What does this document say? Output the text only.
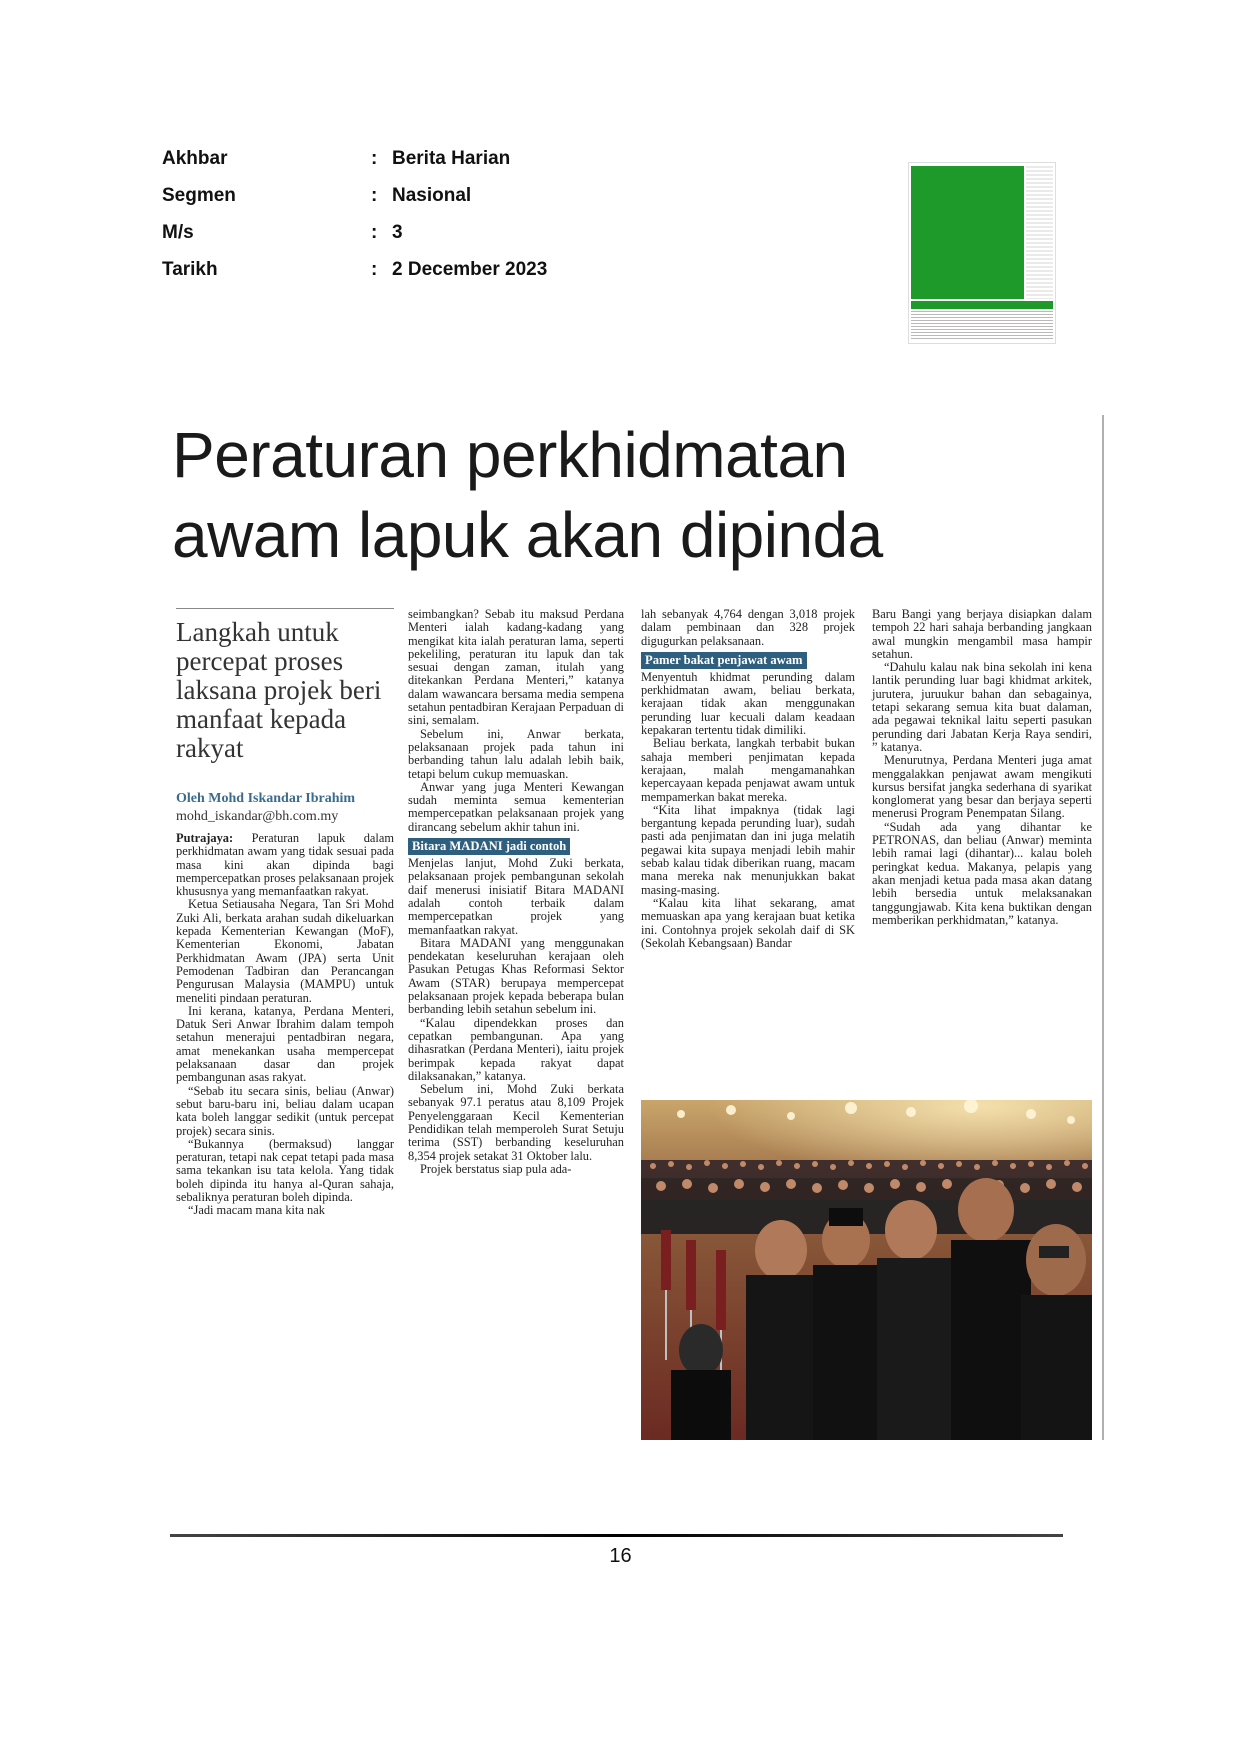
Akhbar	: Berita Harian
Segmen	: Nasional
M/s	: 3
Tarikh	: 2 December 2023
Peraturan perkhidmatan
awam lapuk akan dipinda
Langkah untuk percepat proses laksana projek beri manfaat kepada rakyat
Oleh Mohd Iskandar Ibrahim
mohd_iskandar@bh.com.my

Putrajaya: Peraturan lapuk dalam perkhidmatan awam yang tidak sesuai pada masa kini akan dipinda bagi mempercepatkan proses pelaksanaan projek khususnya yang memanfaatkan rakyat.

Ketua Setiausaha Negara, Tan Sri Mohd Zuki Ali, berkata arahan sudah dikeluarkan kepada Kementerian Kewangan (MoF), Kementerian Ekonomi, Jabatan Perkhidmatan Awam (JPA) serta Unit Pemodenan Tadbiran dan Perancangan Pengurusan Malaysia (MAMPU) untuk meneliti pindaan peraturan.

Ini kerana, katanya, Perdana Menteri, Datuk Seri Anwar Ibrahim dalam tempoh setahun menerajui pentadbiran negara, amat menekankan usaha mempercepat pelaksanaan dasar dan projek pembangunan asas rakyat.

“Sebab itu secara sinis, beliau (Anwar) sebut baru-baru ini, beliau dalam ucapan kata boleh langgar sedikit (untuk percepat projek) secara sinis.

“Bukannya (bermaksud) langgar peraturan, tetapi nak cepat tetapi pada masa sama tekankan isu tata kelola. Yang tidak boleh dipinda itu hanya al-Quran sahaja, sebaliknya peraturan boleh dipinda.

“Jadi macam mana kita nak

seimbangkan? Sebab itu maksud Perdana Menteri ialah kadang-kadang yang mengikat kita ialah peraturan lama, seperti pekeliling, peraturan itu lapuk dan tak sesuai dengan zaman, itulah yang ditekankan Perdana Menteri,” katanya dalam wawancara bersama media sempena setahun pentadbiran Kerajaan Perpaduan di sini, semalam.

Sebelum ini, Anwar berkata, pelaksanaan projek pada tahun ini berbanding tahun lalu adalah lebih baik, tetapi belum cukup memuaskan.

Anwar yang juga Menteri Kewangan sudah meminta semua kementerian mempercepatkan pelaksanaan projek yang dirancang sebelum akhir tahun ini.

Bitara MADANI jadi contoh

Menjelas lanjut, Mohd Zuki berkata, pelaksanaan projek pembangunan sekolah daif menerusi inisiatif Bitara MADANI adalah contoh terbaik dalam mempercepatkan projek yang memanfaatkan rakyat.

Bitara MADANI yang menggunakan pendekatan keseluruhan kerajaan oleh Pasukan Petugas Khas Reformasi Sektor Awam (STAR) berupaya mempercepat pelaksanaan projek kepada beberapa bulan berbanding lebih setahun sebelum ini.

“Kalau dipendekkan proses dan cepatkan pembangunan. Apa yang dihasratkan (Perdana Menteri), iaitu projek berimpak kepada rakyat dapat dilaksanakan,” katanya.

Sebelum ini, Mohd Zuki berkata sebanyak 97.1 peratus atau 8,109 Projek Penyelenggaraan Kecil Kementerian Pendidikan telah memperoleh Surat Setuju terima (SST) berbanding keseluruhan 8,354 projek setakat 31 Oktober lalu.

Projek berstatus siap pula ada-

lah sebanyak 4,764 dengan 3,018 projek dalam pembinaan dan 328 projek digugurkan pelaksanaan.

Pamer bakat penjawat awam

Menyentuh khidmat perunding dalam perkhidmatan awam, beliau berkata, kerajaan tidak akan menggunakan perunding luar kecuali dalam keadaan kepakaran tertentu tidak dimiliki.

Beliau berkata, langkah terbabit bukan sahaja memberi penjimatan kepada kerajaan, malah mengamanahkan kepercayaan kepada penjawat awam untuk mempamerkan bakat mereka.

“Kita lihat impaknya (tidak lagi bergantung kepada perunding luar), sudah pasti ada penjimatan dan ini juga melatih pegawai kita supaya menjadi lebih mahir sebab kalau tidak diberikan ruang, macam mana mereka nak menunjukkan bakat masing-masing.

“Kalau kita lihat sekarang, amat memuaskan apa yang kerajaan buat ketika ini. Contohnya projek sekolah daif di SK (Sekolah Kebangsaan) Bandar

Baru Bangi yang berjaya disiapkan dalam tempoh 22 hari sahaja berbanding jangkaan awal mungkin mengambil masa hampir setahun.

“Dahulu kalau nak bina sekolah ini kena lantik perunding luar bagi khidmat arkitek, jurutera, juruukur bahan dan sebagainya, tetapi sekarang semua kita buat dalaman, ada pegawai teknikal laitu seperti pasukan perunding dari Jabatan Kerja Raya sendiri, ” katanya.

Menurutnya, Perdana Menteri juga amat menggalakkan penjawat awam mengikuti kursus bersifat jangka sederhana di syarikat konglomerat yang besar dan berjaya seperti menerusi Program Penempatan Silang.

“Sudah ada yang dihantar ke PETRONAS, dan beliau (Anwar) meminta lebih ramai lagi (dihantar)... kalau boleh peringkat kedua. Makanya, pelapis yang akan menjadi ketua pada masa akan datang lebih bersedia untuk melaksanakan tanggungjawab. Kita kena buktikan dengan memberikan perkhidmatan,” katanya.

16
